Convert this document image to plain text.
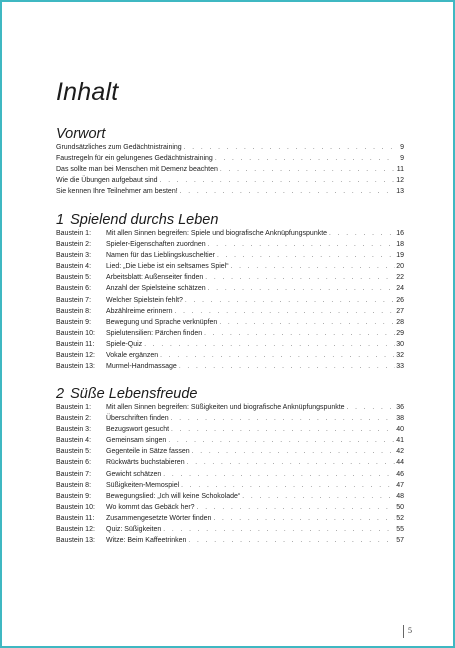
Inhalt
Vorwort
Grundsätzliches zum Gedächtnistraining . . .	9
Faustregeln für ein gelungenes Gedächtnistraining . . .	9
Das sollte man bei Menschen mit Demenz beachten . . .	11
Wie die Übungen aufgebaut sind . . .	12
Sie kennen Ihre Teilnehmer am besten! . . .	13
1 Spielend durchs Leben
Baustein 1:	Mit allen Sinnen begreifen: Spiele und biografische Anknüpfungspunkte . . .	16
Baustein 2:	Spieler-Eigenschaften zuordnen . . .	18
Baustein 3:	Namen für das Lieblingskuscheltier . . .	19
Baustein 4:	Lied: „Die Liebe ist ein seltsames Spiel“ . . .	20
Baustein 5:	Arbeitsblatt: Außenseiter finden . . .	22
Baustein 6:	Anzahl der Spielsteine schätzen . . .	24
Baustein 7:	Welcher Spielstein fehlt? . . .	26
Baustein 8:	Abzählreime erinnern . . .	27
Baustein 9:	Bewegung und Sprache verknüpfen . . .	28
Baustein 10:	Spielutensilien: Pärchen finden . . .	29
Baustein 11:	Spiele-Quiz . . .	30
Baustein 12:	Vokale ergänzen . . .	32
Baustein 13:	Murmel-Handmassage . . .	33
2 Süße Lebensfreude
Baustein 1:	Mit allen Sinnen begreifen: Süßigkeiten und biografische Anknüpfungspunkte . . .	36
Baustein 2:	Überschriften finden . . .	38
Baustein 3:	Bezugswort gesucht . . .	40
Baustein 4:	Gemeinsam singen . . .	41
Baustein 5:	Gegenteile in Sätze fassen . . .	42
Baustein 6:	Rückwärts buchstabieren . . .	44
Baustein 7:	Gewicht schätzen . . .	46
Baustein 8:	Süßigkeiten-Memospiel . . .	47
Baustein 9:	Bewegungslied: „Ich will keine Schokolade“ . . .	48
Baustein 10:	Wo kommt das Gebäck her? . . .	50
Baustein 11:	Zusammengesetzte Wörter finden . . .	52
Baustein 12:	Quiz: Süßigkeiten . . .	55
Baustein 13:	Witze: Beim Kaffeetrinken . . .	57
5
